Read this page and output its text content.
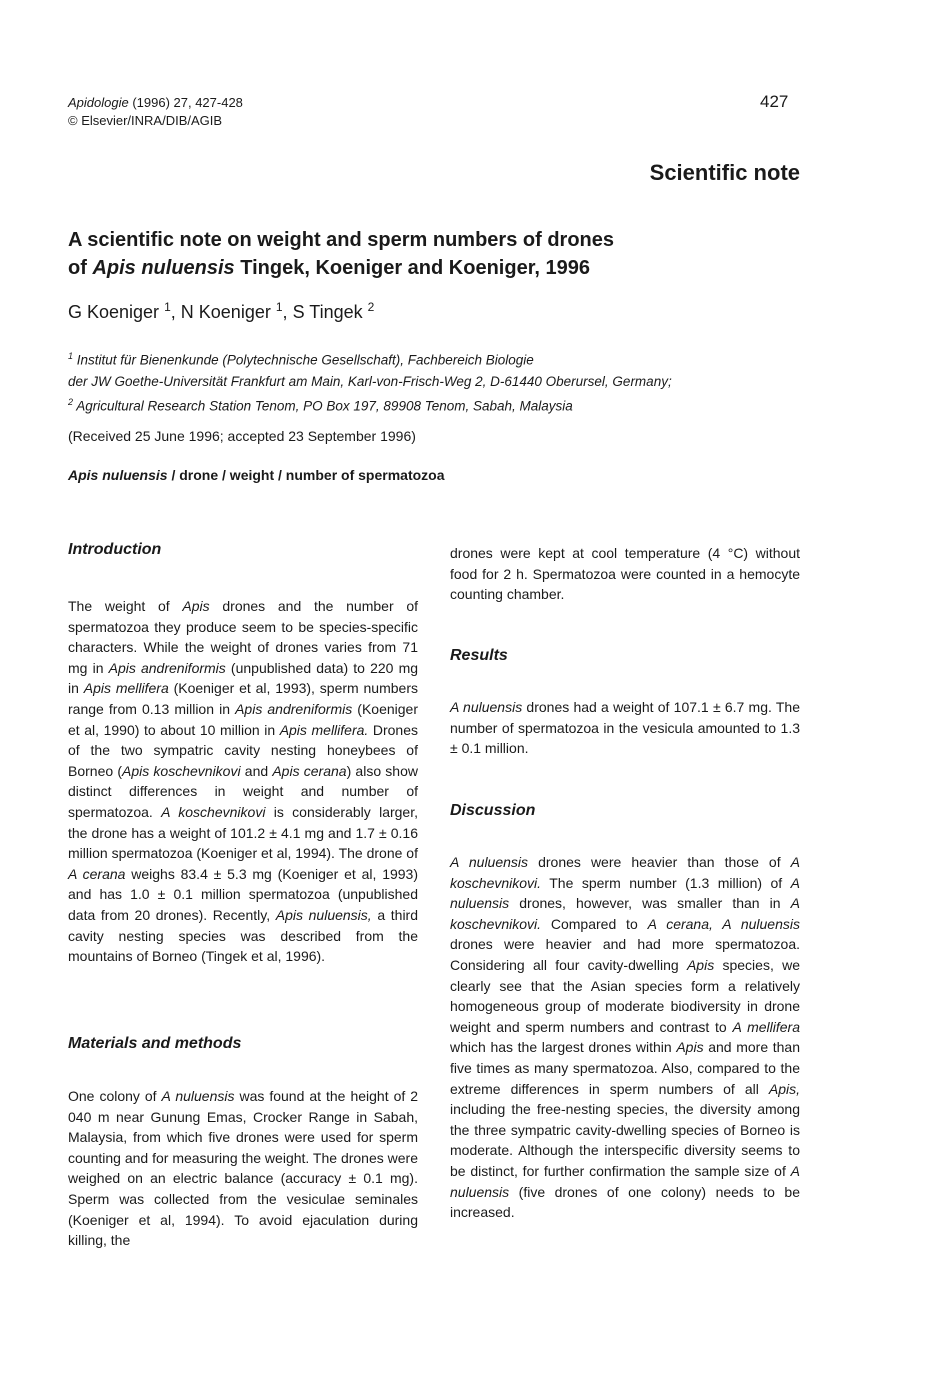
Apidologie (1996) 27, 427-428
© Elsevier/INRA/DIB/AGIB
427
Scientific note
A scientific note on weight and sperm numbers of drones
of Apis nuluensis Tingek, Koeniger and Koeniger, 1996
G Koeniger $^1$, N Koeniger $^1$, S Tingek $^2$
$^1$ Institut für Bienenkunde (Polytechnische Gesellschaft), Fachbereich Biologie
der JW Goethe-Universität Frankfurt am Main, Karl-von-Frisch-Weg 2, D-61440 Oberursel, Germany;
$^2$ Agricultural Research Station Tenom, PO Box 197, 89908 Tenom, Sabah, Malaysia
(Received 25 June 1996; accepted 23 September 1996)
Apis nuluensis / drone / weight / number of spermatozoa
Introduction

The weight of Apis drones and the number of spermatozoa they produce seem to be species-specific characters. While the weight of drones varies from 71 mg in Apis andreniformis (unpublished data) to 220 mg in Apis mellifera (Koeniger et al, 1993), sperm numbers range from 0.13 million in Apis andreniformis (Koeniger et al, 1990) to about 10 million in Apis mellifera. Drones of the two sympatric cavity nesting honeybees of Borneo (Apis koschevnikovi and Apis cerana) also show distinct differences in weight and number of spermatozoa. A koschevnikovi is considerably larger, the drone has a weight of 101.2 ± 4.1 mg and 1.7 ± 0.16 million spermatozoa (Koeniger et al, 1994). The drone of A cerana weighs 83.4 ± 5.3 mg (Koeniger et al, 1993) and has 1.0 ± 0.1 million spermatozoa (unpublished data from 20 drones). Recently, Apis nuluensis, a third cavity nesting species was described from the mountains of Borneo (Tingek et al, 1996).

Materials and methods

One colony of A nuluensis was found at the height of 2 040 m near Gunung Emas, Crocker Range in Sabah, Malaysia, from which five drones were used for sperm counting and for measuring the weight. The drones were weighed on an electric balance (accuracy ± 0.1 mg). Sperm was collected from the vesiculae seminales (Koeniger et al, 1994). To avoid ejaculation during killing, the

drones were kept at cool temperature (4 °C) without food for 2 h. Spermatozoa were counted in a hemocyte counting chamber.

Results

A nuluensis drones had a weight of 107.1 ± 6.7 mg. The number of spermatozoa in the vesicula amounted to 1.3 ± 0.1 million.

Discussion

A nuluensis drones were heavier than those of A koschevnikovi. The sperm number (1.3 million) of A nuluensis drones, however, was smaller than in A koschevnikovi. Compared to A cerana, A nuluensis drones were heavier and had more spermatozoa. Considering all four cavity-dwelling Apis species, we clearly see that the Asian species form a relatively homogeneous group of moderate biodiversity in drone weight and sperm numbers and contrast to A mellifera which has the largest drones within Apis and more than five times as many spermatozoa. Also, compared to the extreme differences in sperm numbers of all Apis, including the free-nesting species, the diversity among the three sympatric cavity-dwelling species of Borneo is moderate. Although the interspecific diversity seems to be distinct, for further confirmation the sample size of A nuluensis (five drones of one colony) needs to be increased.
